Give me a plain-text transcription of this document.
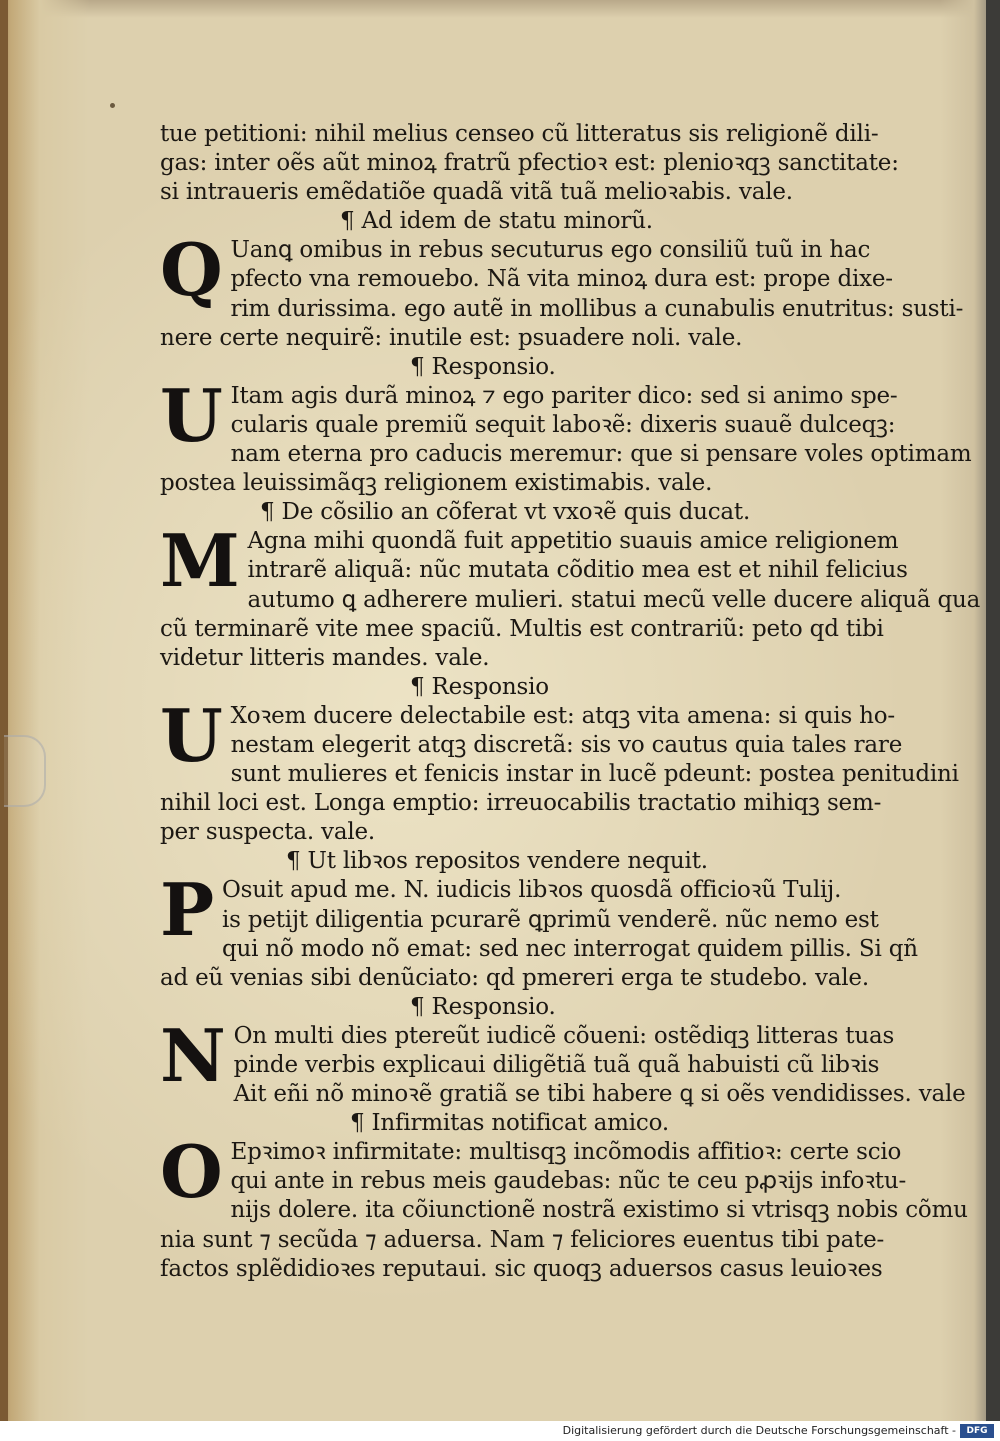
tue petitioni: nihil melius censeo cũ litteratus sis religionẽ dili-
gas: inter oẽs aũt minoꝝ fratrũ pfectioꝛ est: plenioꝛqꝫ sanctitate:
si intraueris emẽdatiõe quadã vitã tuã melioꝛabis. vale.
¶ Ad idem de statu minorũ.
Q Uanꝗ omibus in rebus secuturus ego consiliũ tuũ in hac
pfecto vna remouebo. Nã vita minoꝝ dura est: prope dixe-
rim durissima. ego autẽ in mollibus a cunabulis enutritus: susti-
nere certe nequirẽ: inutile est: psuadere noli. vale.
¶ Responsio.
U Itam agis durã minoꝝ ⁊ ego pariter dico: sed si animo spe-
cularis quale premiũ sequit laboꝛẽ: dixeris suauẽ dulceqꝫ:
nam eterna pro caducis meremur: que si pensare voles optimam
postea leuissimãqꝫ religionem existimabis. vale.
¶ De cõsilio an cõferat vt vxoꝛẽ quis ducat.
M Agna mihi quondã fuit appetitio suauis amice religionem
intrarẽ aliquã: nũc mutata cõditio mea est et nihil felicius
autumo ꝗ adherere mulieri. statui mecũ velle ducere aliquã qua
cũ terminarẽ vite mee spaciũ. Multis est contrariũ: peto qd tibi
videtur litteris mandes. vale.
¶ Responsio
U Xoꝛem ducere delectabile est: atqꝫ vita amena: si quis ho-
nestam elegerit atqꝫ discretã: sis vo cautus quia tales rare
sunt mulieres et fenicis instar in lucẽ pdeunt: postea penitudini
nihil loci est. Longa emptio: irreuocabilis tractatio mihiqꝫ sem-
per suspecta. vale.
¶ Ut libꝛos repositos vendere nequit.
P Osuit apud me. N. iudicis libꝛos quosdã officioꝛũ Tulij.
is petijt diligentia pcurarẽ ꝗprimũ venderẽ. nũc nemo est
qui nõ modo nõ emat: sed nec interrogat quidem pillis. Si qñ
ad eũ venias sibi denũciato: qd pmereri erga te studebo. vale.
¶ Responsio.
N On multi dies ptereũt iudicẽ cõueni: ostẽdiqꝫ litteras tuas
pinde verbis explicaui diligẽtiã tuã quã habuisti cũ libꝛis
Ait eñi nõ minoꝛẽ gratiã se tibi habere ꝗ si oẽs vendidisses. vale
¶ Infirmitas notificat amico.
O Epꝛimoꝛ infirmitate: multisqꝫ incõmodis affitioꝛ: certe scio
qui ante in rebus meis gaudebas: nũc te ceu pꝓꝛijs infoꝛtu-
nijs dolere. ita cõiunctionẽ nostrã existimo si vtrisqꝫ nobis cõmu
nia sunt ⁊ secũda ⁊ aduersa. Nam ⁊ feliciores euentus tibi pate-
factos splẽdidioꝛes reputaui. sic quoqꝫ aduersos casus leuioꝛes
Digitalisierung gefördert durch die Deutsche Forschungsgemeinschaft -	DFG
